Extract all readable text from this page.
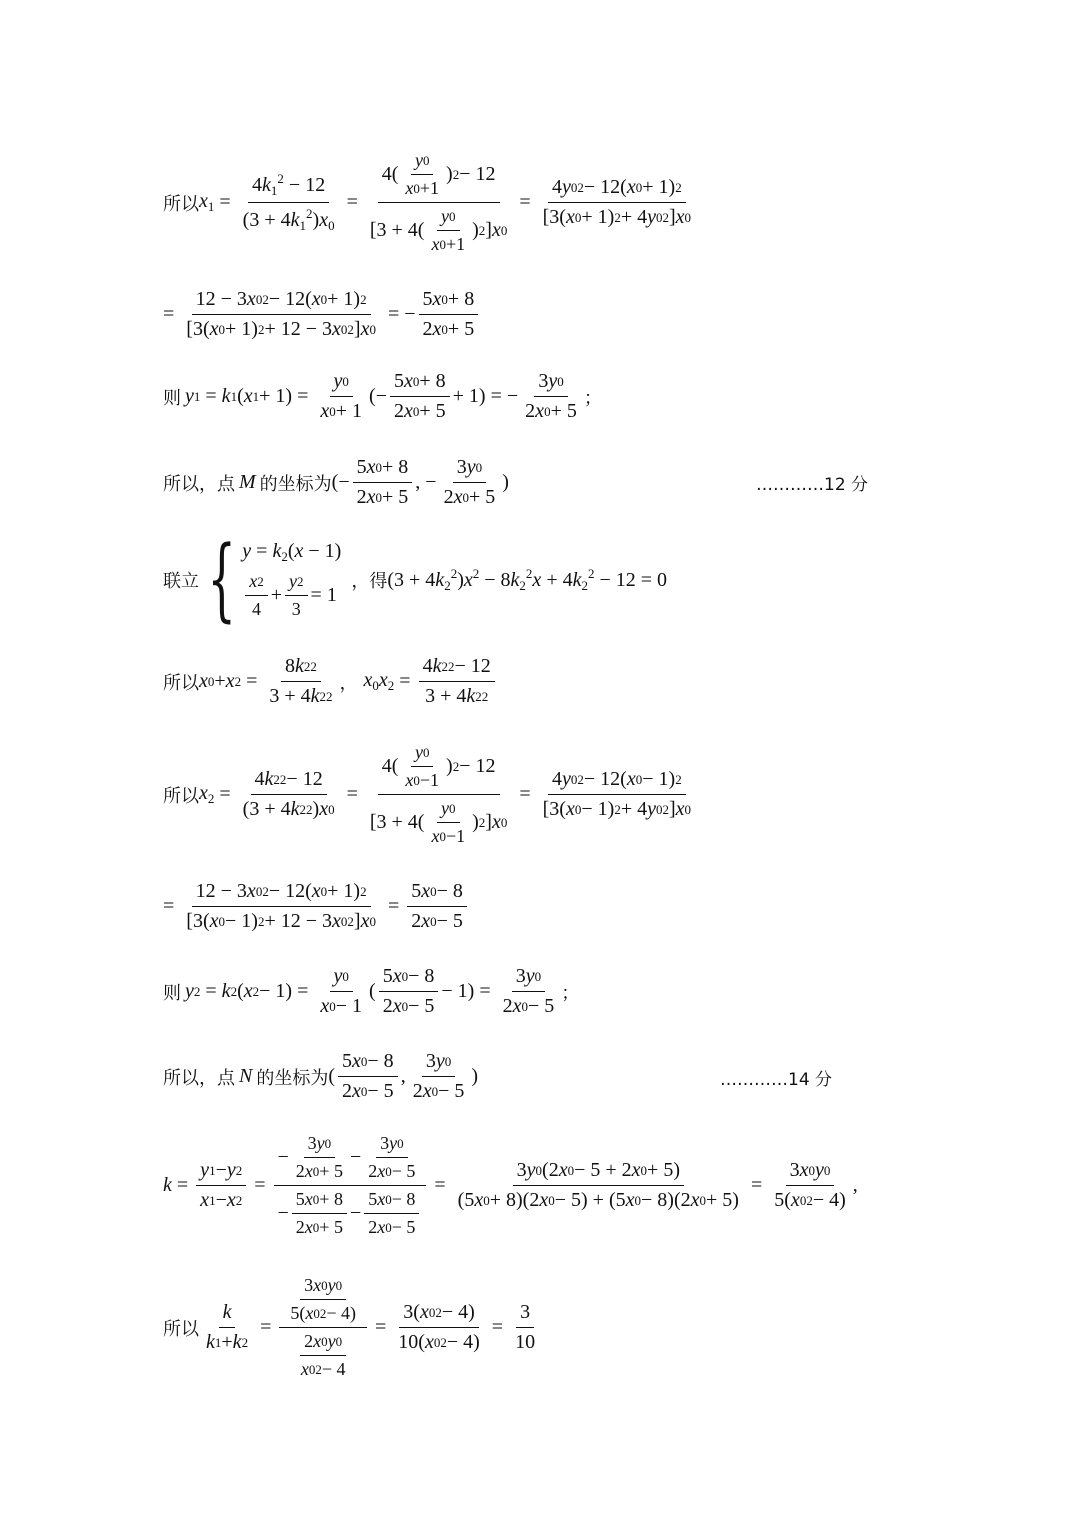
所以 $x_1 = \frac{4k_1^2 - 12}{(3 + 4k_1^2)x_0} = \frac{4( \frac{y 0}{x 0 +1} ) 2 - 12}{[3 + 4( \frac{y 0}{x 0 +1} ) 2 ] x 0} = \frac{4 y 0 2 - 12( x 0 + 1) 2}{[3( x 0 + 1) 2 + 4 y 0 2 ] x 0}$
= $\frac{12 - 3 x 0 2 - 12( x 0 + 1) 2}{[3( x 0 + 1) 2 + 12 - 3 x 0 2 ] x 0}$ = − $\frac{5 x 0 + 8}{2 x 0 + 5}$
则 y 1 = k 1 ( x $1 + 1) = \frac{y 0}{x 0 + 1}$ (− $\frac{5 x 0 + 8}{2 x 0 + 5} + 1$) = − $\frac{3 y 0}{2 x 0 + 5}$ ；
所以，点 M 的坐标为 (− $\frac{5 x 0 + 8}{2 x 0 + 5}$ , − $\frac{3 y 0}{2 x 0 + 5}$ )	…………12 分
联立 { $y = k_2(x - 1)$
$\frac{x 2}{4} + \frac{y 2}{3} = 1$
，得 $(3 + 4k_2^2)x^2 - 8k_2^2x + 4k_2^2 - 12 = 0$
所以 x 0 + x $2 = \frac{8 k 2 2}{3 + 4 k 2 2}$ ， $x_0x_2 = \frac{4 k 2 2 - 12}{3 + 4 k 2 2}$
所以 $x_2 = \frac{4 k 2 2 - 12}{(3 + 4 k 2 2 ) x 0} = \frac{4( \frac{y 0}{x 0 -1} ) 2 - 12}{[3 + 4( \frac{y 0}{x 0 -1} ) 2 ] x 0} = \frac{4 y 0 2 - 12( x 0 - 1) 2}{[3( x 0 - 1) 2 + 4 y 0 2 ] x 0}$
= $\frac{12 - 3 x 0 2 - 12( x 0 + 1) 2}{[3( x 0 - 1) 2 + 12 - 3 x 0 2 ] x 0} = \frac{5 x 0 - 8}{2 x 0 - 5}$
则 y 2 = k 2 ( x $2 - 1) = \frac{y 0}{x 0 - 1}$ ( $\frac{5 x 0 - 8}{2 x 0 - 5} - 1) = \frac{3 y 0}{2 x 0 - 5}$ ；
所以，点 N 的坐标为 ( $\frac{5 x 0 - 8}{2 x 0 - 5}$ , $\frac{3 y 0}{2 x 0 - 5}$ )	…………14 分
$k = \frac{y 1 - y 2}{x 1 - x 2} = \frac{- \frac{3 y 0}{2 x 0 + 5} - \frac{3 y 0}{2 x 0 - 5}}{- \frac{5 x 0 + 8}{2 x 0 + 5} - \frac{5 x 0 - 8}{2 x 0 - 5}} = \frac{3 y 0 (2 x 0 - 5 + 2 x 0 + 5)}{(5 x 0 + 8)(2 x 0 - 5) + (5 x 0 - 8)(2 x 0 + 5)} = \frac{3 x 0 y 0}{5( x 0 2 - 4)}$ ,
所以 $\frac{k}{k 1 + k 2} = \frac{\frac{3 x 0 y 0}{5( x 0 2 - 4)}}{\frac{2 x 0 y 0}{x 0 2 - 4}} = \frac{3( x 0 2 - 4)}{10( x 0 2 - 4)} = \frac{3}{10}$
